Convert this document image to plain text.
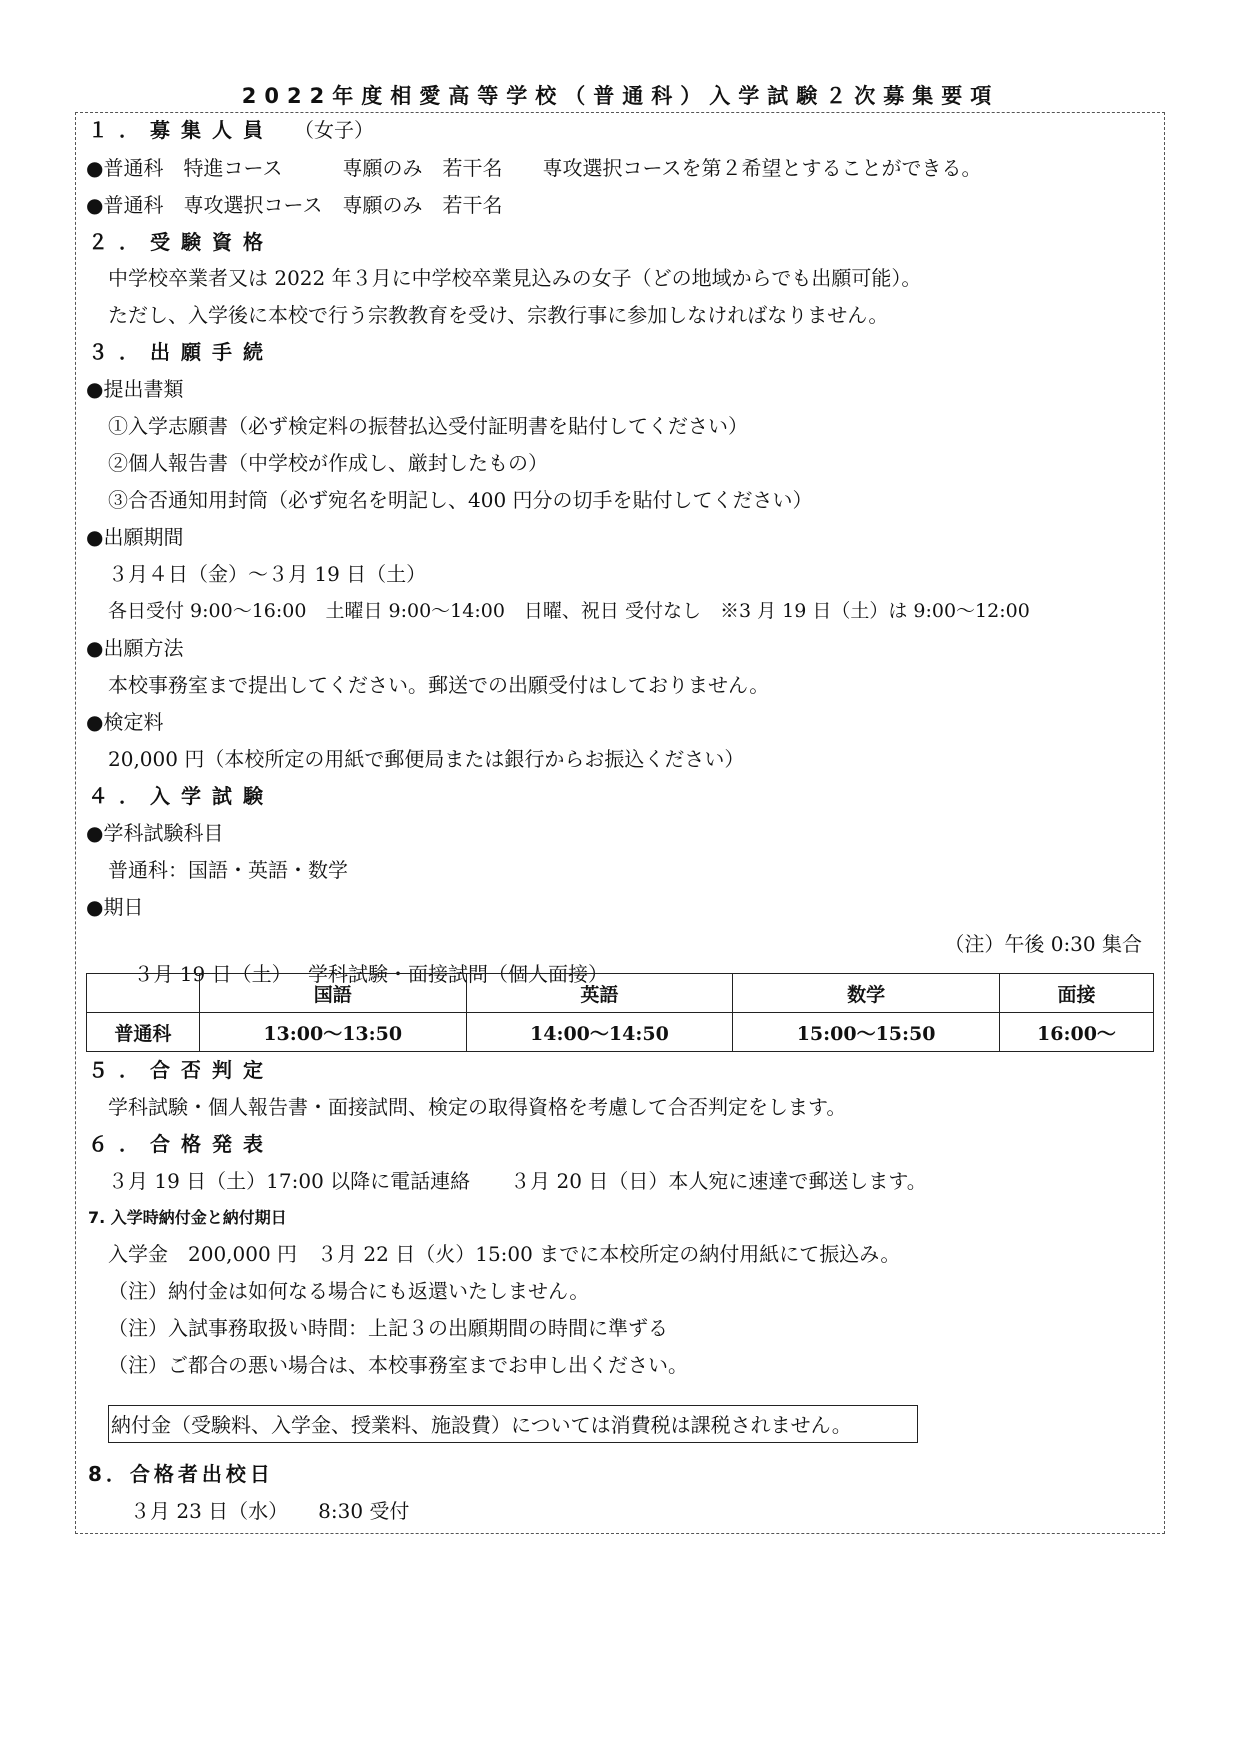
2022年度相愛高等学校（普通科）入学試験２次募集要項
１．募集人員 （女子）
●普通科　特進コース　　　専願のみ　若干名　　専攻選択コースを第２希望とすることができる。
●普通科　専攻選択コース　専願のみ　若干名
２．受験資格
中学校卒業者又は 2022 年３月に中学校卒業見込みの女子（どの地域からでも出願可能）。
ただし、入学後に本校で行う宗教教育を受け、宗教行事に参加しなければなりません。
３．出願手続
●提出書類
①入学志願書（必ず検定料の振替払込受付証明書を貼付してください）
②個人報告書（中学校が作成し、厳封したもの）
③合否通知用封筒（必ず宛名を明記し、400 円分の切手を貼付してください）
●出願期間
３月４日（金）～３月 19 日（土）
各日受付 9:00～16:00　土曜日 9:00～14:00　日曜、祝日 受付なし　※3 月 19 日（土）は 9:00～12:00
●出願方法
本校事務室まで提出してください。郵送での出願受付はしておりません。
●検定料
20,000 円（本校所定の用紙で郵便局または銀行からお振込ください）
４．入学試験
●学科試験科目
普通科：国語・英語・数学
●期日

３月 19 日（土）　 学科試験・面接試問（個人面接）

（注）午後 0:30 集合

	国語	英語	数学	面接
普通科	13:00～13:50	14:00～14:50	15:00～15:50	16:00～
５．合否判定
学科試験・個人報告書・面接試問、検定の取得資格を考慮して合否判定をします。
６．合格発表
３月 19 日（土）17:00 以降に電話連絡　　３月 20 日（日）本人宛に速達で郵送します。
7. 入学時納付金と納付期日
入学金　200,000 円　３月 22 日（火）15:00 までに本校所定の納付用紙にて振込み。
（注）納付金は如何なる場合にも返還いたしません。
（注）入試事務取扱い時間：上記３の出願期間の時間に準ずる
（注）ご都合の悪い場合は、本校事務室までお申し出ください。
納付金（受験料、入学金、授業料、施設費）については消費税は課税されません。
8．合格者出校日
３月 23 日（水）　　8:30 受付
